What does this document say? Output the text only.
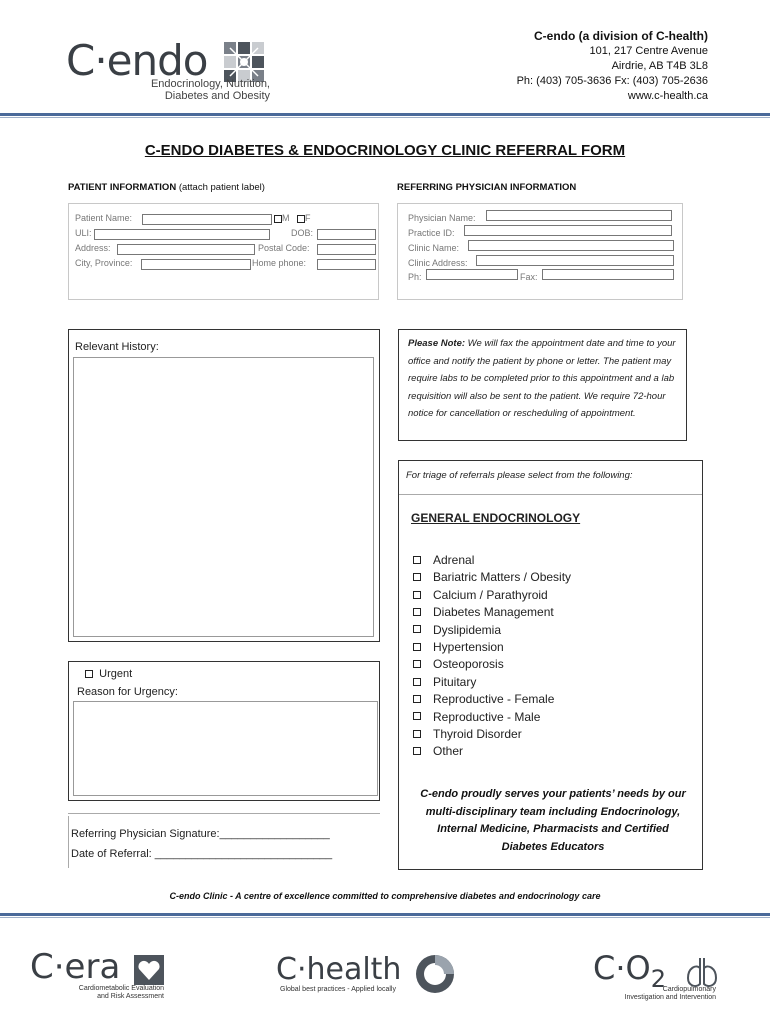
C·endo
Endocrinology, Nutrition,
Diabetes and Obesity
C-endo (a division of C-health)
101, 217 Centre Avenue
Airdrie, AB T4B 3L8
Ph: (403) 705-3636 Fx: (403) 705-2636
www.c-health.ca
C-ENDO DIABETES & ENDOCRINOLOGY CLINIC REFERRAL FORM
PATIENT INFORMATION (attach patient label)
Patient Name:	M F
ULI:	DOB:
Address:	Postal Code:
City, Province:	Home phone:
REFERRING PHYSICIAN INFORMATION
Physician Name:
Practice ID:
Clinic Name:
Clinic Address:
Ph:	Fax:
Relevant History:
Urgent
Reason for Urgency:
Referring Physician Signature:__________________
Date of Referral: _____________________________
Please Note: We will fax the appointment date and time to your office and notify the patient by phone or letter. The patient may require labs to be completed prior to this appointment and a lab requisition will also be sent to the patient. We require 72-hour notice for cancellation or rescheduling of appointment.
For triage of referrals please select from the following:
GENERAL ENDOCRINOLOGY
Adrenal
Bariatric Matters / Obesity
Calcium / Parathyroid
Diabetes Management
Dyslipidemia
Hypertension
Osteoporosis
Pituitary
Reproductive - Female
Reproductive - Male
Thyroid Disorder
Other
C-endo proudly serves your patients’ needs by our multi-disciplinary team including Endocrinology, Internal Medicine, Pharmacists and Certified Diabetes Educators
C-endo Clinic - A centre of excellence committed to comprehensive diabetes and endocrinology care
C·era
Cardiometabolic Evaluation
and Risk Assessment
C·health
Global best practices - Applied locally
$C\cdot O_2$
Cardiopulmonary
Investigation and Intervention
